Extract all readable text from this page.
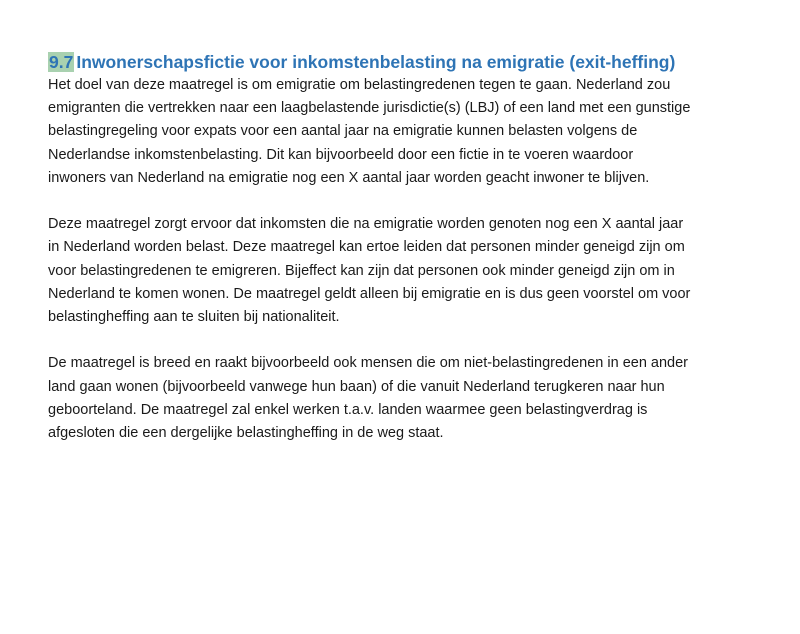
9.7 Inwonerschapsfictie voor inkomstenbelasting na emigratie (exit-heffing)

Het doel van deze maatregel is om emigratie om belastingredenen tegen te gaan. Nederland zou
emigranten die vertrekken naar een laagbelastende jurisdictie(s) (LBJ) of een land met een gunstige
belastingregeling voor expats voor een aantal jaar na emigratie kunnen belasten volgens de
Nederlandse inkomstenbelasting. Dit kan bijvoorbeeld door een fictie in te voeren waardoor
inwoners van Nederland na emigratie nog een X aantal jaar worden geacht inwoner te blijven.

Deze maatregel zorgt ervoor dat inkomsten die na emigratie worden genoten nog een X aantal jaar
in Nederland worden belast. Deze maatregel kan ertoe leiden dat personen minder geneigd zijn om
voor belastingredenen te emigreren. Bijeffect kan zijn dat personen ook minder geneigd zijn om in
Nederland te komen wonen. De maatregel geldt alleen bij emigratie en is dus geen voorstel om voor
belastingheffing aan te sluiten bij nationaliteit.

De maatregel is breed en raakt bijvoorbeeld ook mensen die om niet-belastingredenen in een ander
land gaan wonen (bijvoorbeeld vanwege hun baan) of die vanuit Nederland terugkeren naar hun
geboorteland. De maatregel zal enkel werken t.a.v. landen waarmee geen belastingverdrag is
afgesloten die een dergelijke belastingheffing in de weg staat.
